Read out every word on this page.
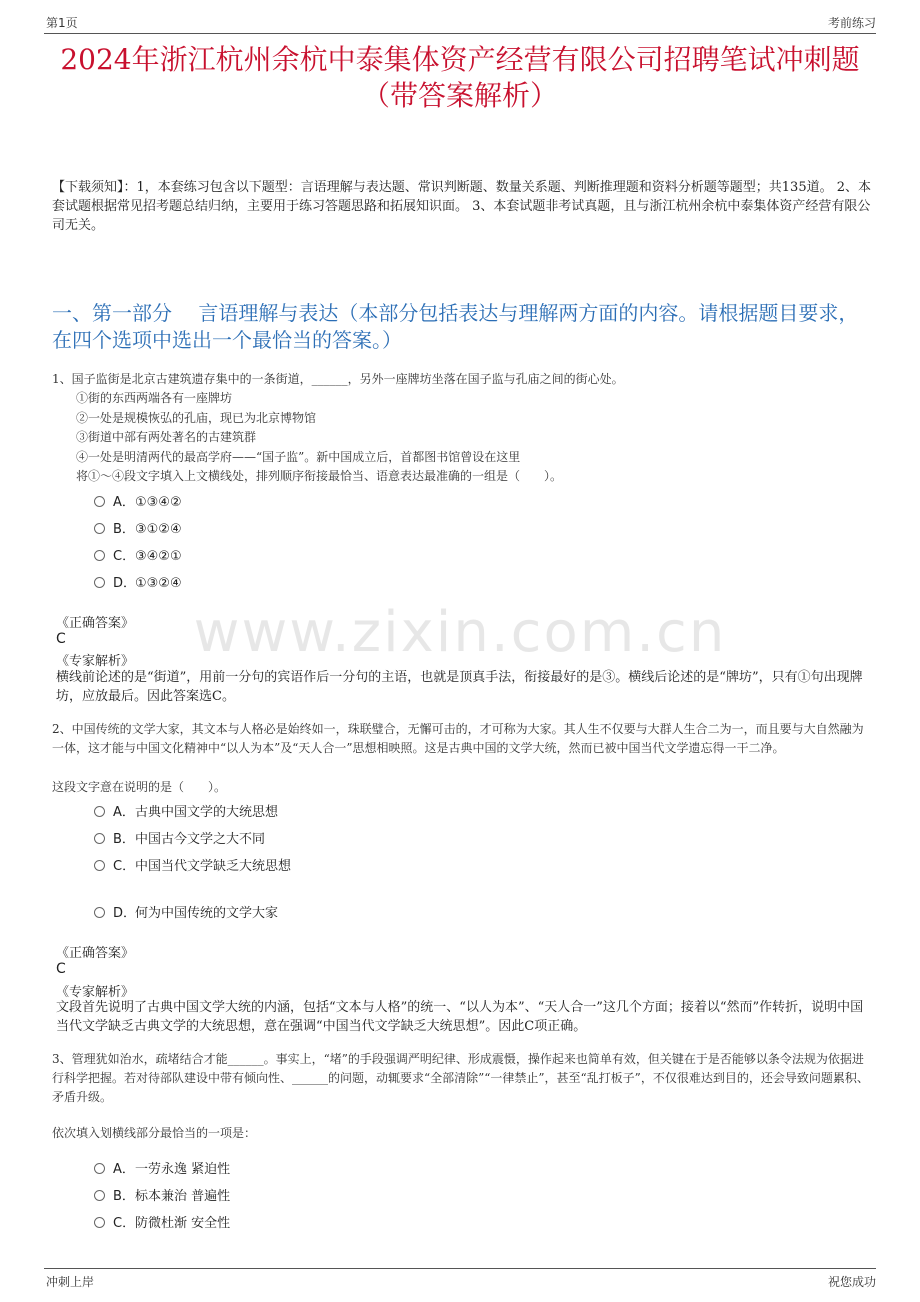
第1页	考前练习
2024年浙江杭州余杭中泰集体资产经营有限公司招聘笔试冲刺题（带答案解析）
【下载须知】：1，本套练习包含以下题型：言语理解与表达题、常识判断题、数量关系题、判断推理题和资料分析题等题型；共135道。 2、本套试题根据常见招考题总结归纳，主要用于练习答题思路和拓展知识面。 3、本套试题非考试真题，且与浙江杭州余杭中泰集体资产经营有限公司无关。
一、第一部分　 言语理解与表达（本部分包括表达与理解两方面的内容。请根据题目要求，在四个选项中选出一个最恰当的答案。）
www.zixin.com.cn
1、国子监街是北京古建筑遗存集中的一条街道，______，另外一座牌坊坐落在国子监与孔庙之间的街心处。
①街的东西两端各有一座牌坊
②一处是规模恢弘的孔庙，现已为北京博物馆
③街道中部有两处著名的古建筑群
④一处是明清两代的最高学府——“国子监”。新中国成立后，首都图书馆曾设在这里
将①～④段文字填入上文横线处，排列顺序衔接最恰当、语意表达最准确的一组是（　　）。
A．①③④②
B．③①②④
C．③④②①
D．①③②④
《正确答案》
C
《专家解析》
横线前论述的是“街道”，用前一分句的宾语作后一分句的主语，也就是顶真手法，衔接最好的是③。横线后论述的是“牌坊”，只有①句出现牌坊，应放最后。因此答案选C。
2、中国传统的文学大家，其文本与人格必是始终如一，珠联璧合，无懈可击的，才可称为大家。其人生不仅要与大群人生合二为一，而且要与大自然融为一体，这才能与中国文化精神中“以人为本”及“天人合一”思想相映照。这是古典中国的文学大统，然而已被中国当代文学遗忘得一干二净。
这段文字意在说明的是（　　）。
A．古典中国文学的大统思想
B．中国古今文学之大不同
C．中国当代文学缺乏大统思想
D．何为中国传统的文学大家
《正确答案》
C
《专家解析》
文段首先说明了古典中国文学大统的内涵，包括“文本与人格”的统一、“以人为本”、“天人合一”这几个方面；接着以“然而”作转折，说明中国当代文学缺乏古典文学的大统思想，意在强调“中国当代文学缺乏大统思想”。因此C项正确。
3、管理犹如治水，疏堵结合才能______。事实上，“堵”的手段强调严明纪律、形成震慑，操作起来也简单有效，但关键在于是否能够以条令法规为依据进行科学把握。若对待部队建设中带有倾向性、______的问题，动辄要求“全部清除”“一律禁止”，甚至“乱打板子”，不仅很难达到目的，还会导致问题累积、矛盾升级。
依次填入划横线部分最恰当的一项是：
A．一劳永逸 紧迫性
B．标本兼治 普遍性
C．防微杜渐 安全性
冲刺上岸	祝您成功
